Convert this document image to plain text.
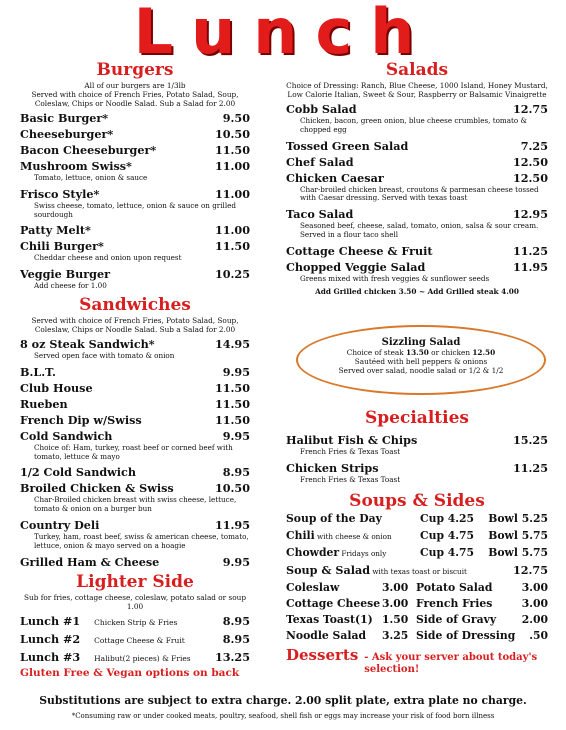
Lunch
Burgers
All of our burgers are 1/3lb
Served with choice of French Fries, Potato Salad, Soup, Coleslaw, Chips or Noodle Salad. Sub a Salad for 2.00
Basic Burger*	9.50
Cheeseburger*	10.50
Bacon Cheeseburger*	11.50
Mushroom Swiss*	11.00
Tomato, lettuce, onion & sauce
Frisco Style*	11.00
Swiss cheese, tomato, lettuce, onion & sauce on grilled sourdough
Patty Melt*	11.00
Chili Burger*	11.50
Cheddar cheese and onion upon request
Veggie Burger	10.25
Add cheese for 1.00
Sandwiches
Served with choice of French Fries, Potato Salad, Soup, Coleslaw, Chips or Noodle Salad. Sub a Salad for 2.00
8 oz Steak Sandwich*	14.95
Served open face with tomato & onion
B.L.T.	9.95
Club House	11.50
Rueben	11.50
French Dip w/Swiss	11.50
Cold Sandwich	9.95
Choice of: Ham, turkey, roast beef or corned beef with tomato, lettuce & mayo
1/2 Cold Sandwich	8.95
Broiled Chicken & Swiss	10.50
Char-Broiled chicken breast with swiss cheese, lettuce, tomato & onion on a burger bun
Country Deli	11.95
Turkey, ham, roast beef, swiss & american cheese, tomato, lettuce, onion & mayo served on a hoagie
Grilled Ham & Cheese	9.95
Lighter Side
Sub for fries, cottage cheese, coleslaw, potato salad or soup 1.00
Lunch #1 Chicken Strip & Fries	8.95
Lunch #2 Cottage Cheese & Fruit	8.95
Lunch #3 Halibut(2 pieces) & Fries 13.25
Gluten Free & Vegan options on back
Salads
Choice of Dressing: Ranch, Blue Cheese, 1000 Island, Honey Mustard, Low Calorie Italian, Sweet & Sour, Raspberry or Balsamic Vinaigrette
Cobb Salad	12.75
Chicken, bacon, green onion, blue cheese crumbles, tomato & chopped egg
Tossed Green Salad	7.25
Chef Salad	12.50
Chicken Caesar	12.50
Char-broiled chicken breast, croutons & parmesan cheese tossed with Caesar dressing. Served with texas toast
Taco Salad	12.95
Seasoned beef, cheese, salad, tomato, onion, salsa & sour cream. Served in a flour taco shell
Cottage Cheese & Fruit	11.25
Chopped Veggie Salad	11.95
Greens mixed with fresh veggies & sunflower seeds
Add Grilled chicken 3.50 ~ Add Grilled steak 4.00
Sizzling Salad
Choice of steak 13.50 or chicken 12.50
Sautéed with bell peppers & onions
Served over salad, noodle salad or 1/2 & 1/2
Specialties
Halibut Fish & Chips	15.25
French Fries & Texas Toast
Chicken Strips	11.25
French Fries & Texas Toast
Soups & Sides
Soup of the Day	Cup 4.25	Bowl 5.25
Chili with cheese & onion	Cup 4.75	Bowl 5.75
Chowder Fridays only	Cup 4.75	Bowl 5.75
Soup & Salad with texas toast or biscuit	12.75
Coleslaw	3.00 Potato Salad	3.00
Cottage Cheese 3.00 French Fries	3.00
Texas Toast(1) 1.50 Side of Gravy	2.00
Noodle Salad	3.25 Side of Dressing	.50
Desserts - Ask your server about today's selection!
Substitutions are subject to extra charge. 2.00 split plate, extra plate no charge.
*Consuming raw or under cooked meats, poultry, seafood, shell fish or eggs may increase your risk of food born illness
